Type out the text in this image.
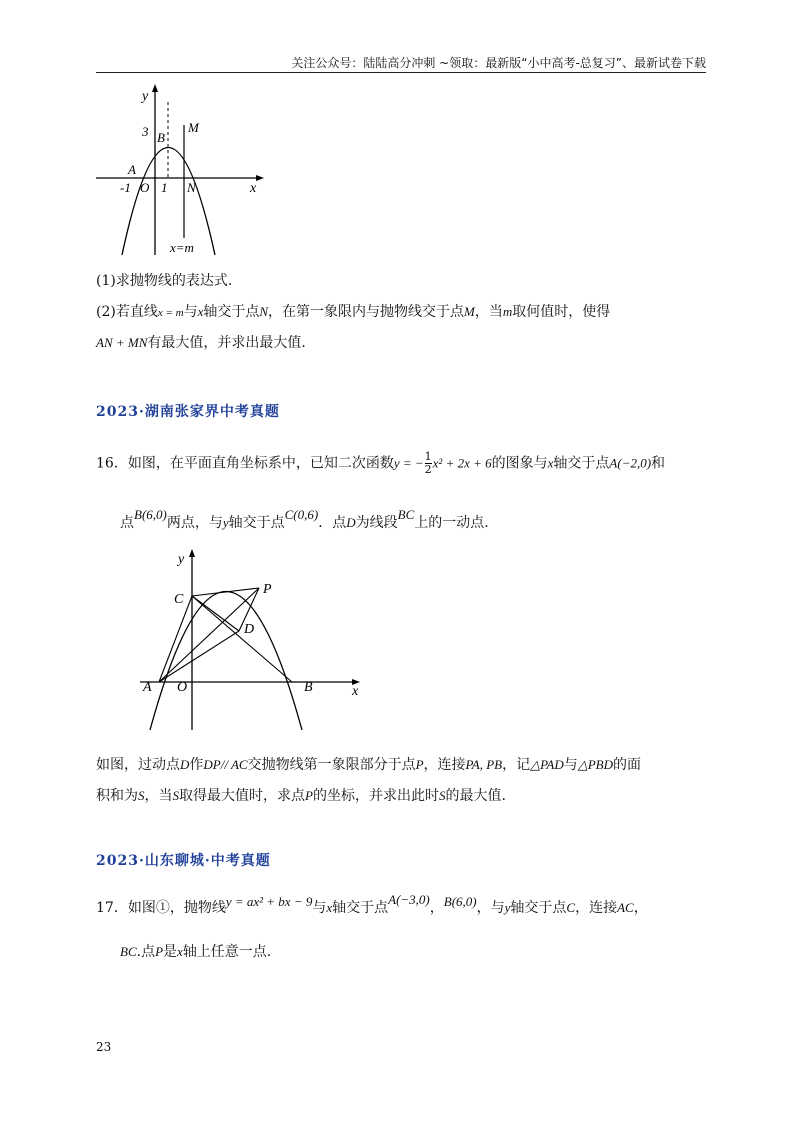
关注公众号：陆陆高分冲刺 ~领取：最新版“小中高考-总复习”、最新试卷下载
y
x
3 B
M
A
-1 O 1 N
x=m
(1)求抛物线的表达式.
(2)若直线x = m与x轴交于点N，在第一象限内与抛物线交于点M，当m取何值时，使得
AN + MN有最大值，并求出最大值.
2023·湖南张家界中考真题
16．如图，在平面直角坐标系中，已知二次函数y = − $\frac{1}{2} x^2 + 2x + 6$的图象与x轴交于点A(−2,0)和
点B(6,0)两点，与y轴交于点C(0,6)．点D为线段BC上的一动点.
y
x
C
P
D
A O	B
如图，过动点D作DP// AC交抛物线第一象限部分于点P，连接PA, PB，记△PAD与△PBD的面
积和为S，当S取得最大值时，求点P的坐标，并求出此时S的最大值.
2023·山东聊城·中考真题
17．如图①，抛物线y = ax² + bx − 9与x轴交于点A(−3,0)，B(6,0)，与y轴交于点C，连接AC，
BC.点P是x轴上任意一点.
23
